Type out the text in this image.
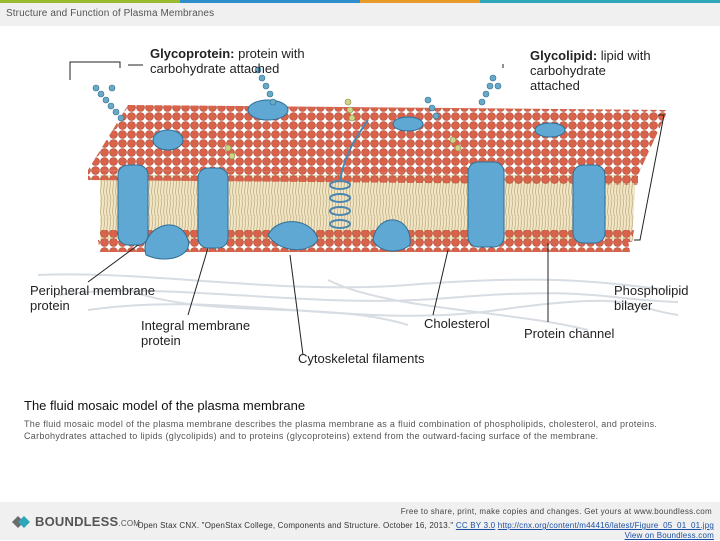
Structure and Function of Plasma Membranes
Glycoprotein: protein with
carbohydrate attached
Glycolipid: lipid with
carbohydrate
attached
Peripheral membrane
protein
Integral membrane
protein
Cholesterol
Protein channel
Phospholipid
bilayer
Cytoskeletal filaments
The fluid mosaic model of the plasma membrane
The fluid mosaic model of the plasma membrane describes the plasma membrane as a fluid combination of phospholipids, cholesterol, and proteins. Carbohydrates attached to lipids (glycolipids) and to proteins (glycoproteins) extend from the outward-facing surface of the membrane.
BOUNDLESS.COM
Free to share, print, make copies and changes. Get yours at www.boundless.com
Open Stax CNX. "OpenStax College, Components and Structure. October 16, 2013." CC BY 3.0 http://cnx.org/content/m44416/latest/Figure_05_01_01.jpg View on Boundless.com
